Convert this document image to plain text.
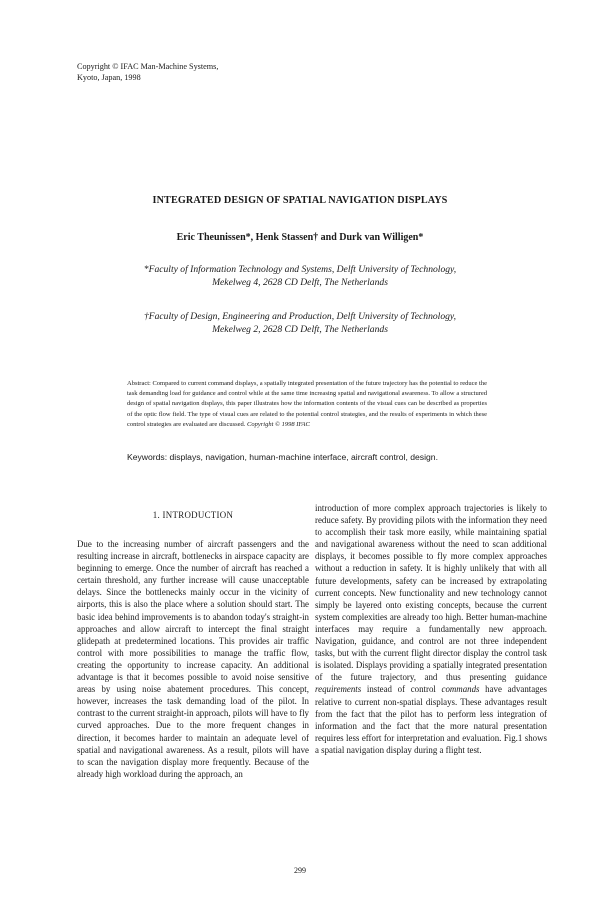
Copyright © IFAC Man-Machine Systems,
Kyoto, Japan, 1998
INTEGRATED DESIGN OF SPATIAL NAVIGATION DISPLAYS
Eric Theunissen*, Henk Stassen† and Durk van Willigen*
*Faculty of Information Technology and Systems, Delft University of Technology,
Mekelweg 4, 2628 CD Delft, The Netherlands
†Faculty of Design, Engineering and Production, Delft University of Technology,
Mekelweg 2, 2628 CD Delft, The Netherlands
Abstract: Compared to current command displays, a spatially integrated presentation of the future trajectory has the potential to reduce the task demanding load for guidance and control while at the same time increasing spatial and navigational awareness. To allow a structured design of spatial navigation displays, this paper illustrates how the information contents of the visual cues can be described as properties of the optic flow field. The type of visual cues are related to the potential control strategies, and the results of experiments in which these control strategies are evaluated are discussed. Copyright © 1998 IFAC
Keywords: displays, navigation, human-machine interface, aircraft control, design.
1. INTRODUCTION

Due to the increasing number of aircraft passengers and the resulting increase in aircraft, bottlenecks in airspace capacity are beginning to emerge. Once the number of aircraft has reached a certain threshold, any further increase will cause unacceptable delays. Since the bottlenecks mainly occur in the vicinity of airports, this is also the place where a solution should start. The basic idea behind improvements is to abandon today's straight-in approaches and allow aircraft to intercept the final straight glidepath at predetermined locations. This provides air traffic control with more possibilities to manage the traffic flow, creating the opportunity to increase capacity. An additional advantage is that it becomes possible to avoid noise sensitive areas by using noise abatement procedures. This concept, however, increases the task demanding load of the pilot. In contrast to the current straight-in approach, pilots will have to fly curved approaches. Due to the more frequent changes in direction, it becomes harder to maintain an adequate level of spatial and navigational awareness. As a result, pilots will have to scan the navigation display more frequently. Because of the already high workload during the approach, an

introduction of more complex approach trajectories is likely to reduce safety. By providing pilots with the information they need to accomplish their task more easily, while maintaining spatial and navigational awareness without the need to scan additional displays, it becomes possible to fly more complex approaches without a reduction in safety. It is highly unlikely that with all future developments, safety can be increased by extrapolating current concepts. New functionality and new technology cannot simply be layered onto existing concepts, because the current system complexities are already too high. Better human-machine interfaces may require a fundamentally new approach. Navigation, guidance, and control are not three independent tasks, but with the current flight director display the control task is isolated. Displays providing a spatially integrated presentation of the future trajectory, and thus presenting guidance requirements instead of control commands have advantages relative to current non-spatial displays. These advantages result from the fact that the pilot has to perform less integration of information and the fact that the more natural presentation requires less effort for interpretation and evaluation. Fig.1 shows a spatial navigation display during a flight test.

299
